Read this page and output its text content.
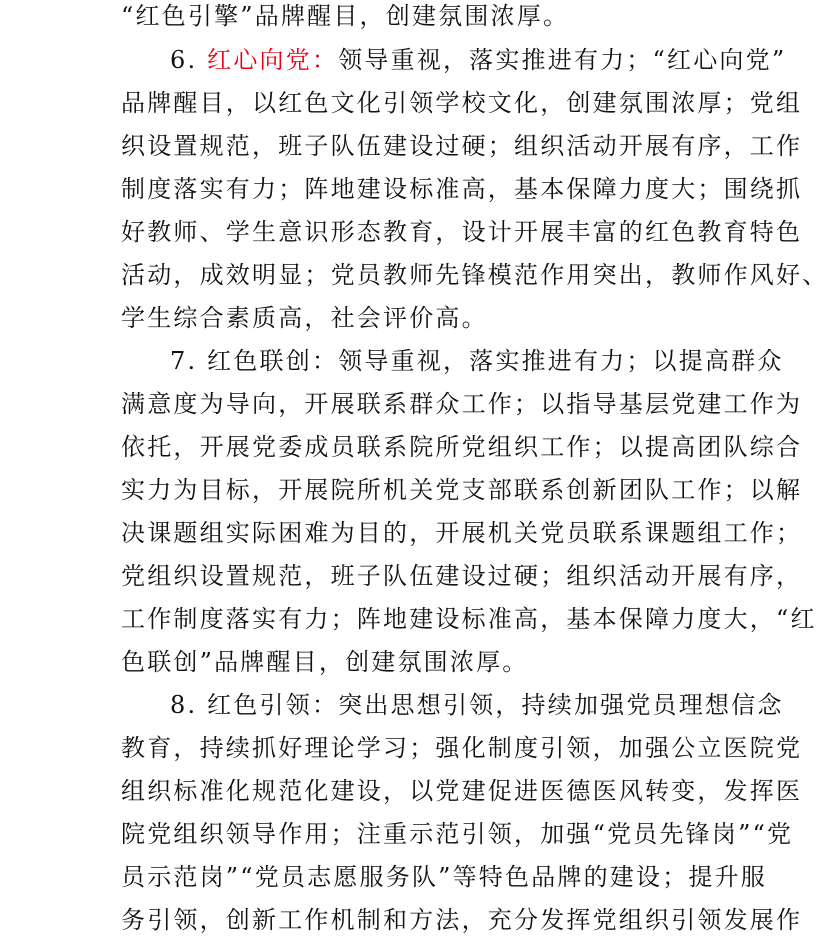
“红色引擎”品牌醒目，创建氛围浓厚。
6. 红心向党：领导重视，落实推进有力；“红心向党”
品牌醒目，以红色文化引领学校文化，创建氛围浓厚；党组
织设置规范，班子队伍建设过硬；组织活动开展有序，工作
制度落实有力；阵地建设标准高，基本保障力度大；围绕抓
好教师、学生意识形态教育，设计开展丰富的红色教育特色
活动，成效明显；党员教师先锋模范作用突出，教师作风好、
学生综合素质高，社会评价高。
7. 红色联创：领导重视，落实推进有力；以提高群众
满意度为导向，开展联系群众工作；以指导基层党建工作为
依托，开展党委成员联系院所党组织工作；以提高团队综合
实力为目标，开展院所机关党支部联系创新团队工作；以解
决课题组实际困难为目的，开展机关党员联系课题组工作；
党组织设置规范，班子队伍建设过硬；组织活动开展有序，
工作制度落实有力；阵地建设标准高，基本保障力度大，“红
色联创”品牌醒目，创建氛围浓厚。
8. 红色引领：突出思想引领，持续加强党员理想信念
教育，持续抓好理论学习；强化制度引领，加强公立医院党
组织标准化规范化建设，以党建促进医德医风转变，发挥医
院党组织领导作用；注重示范引领，加强“党员先锋岗”“党
员示范岗”“党员志愿服务队”等特色品牌的建设；提升服
务引领，创新工作机制和方法，充分发挥党组织引领发展作
